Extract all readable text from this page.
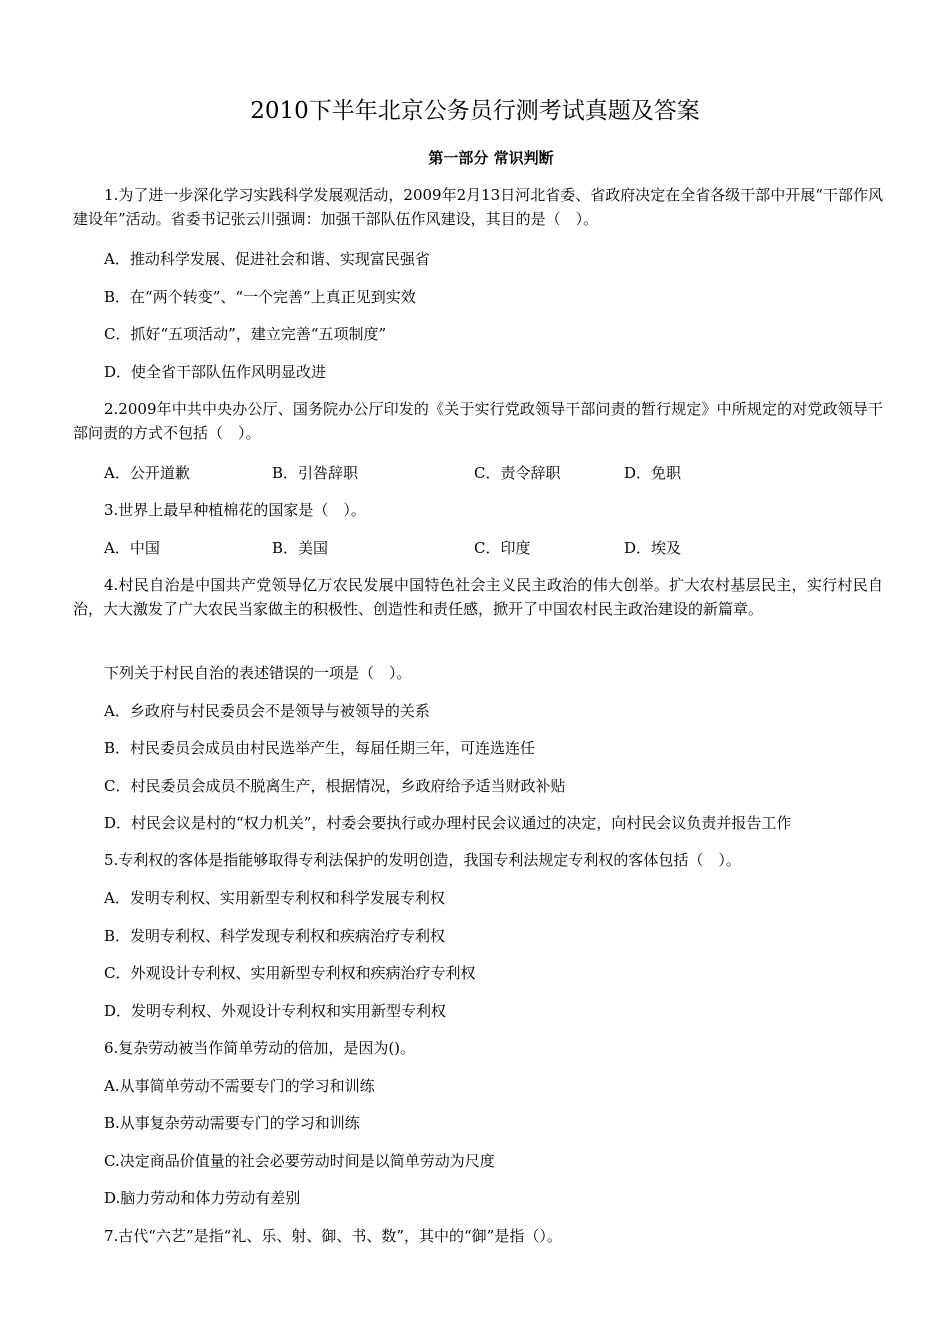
2010下半年北京公务员行测考试真题及答案
第一部分 常识判断
1.为了进一步深化学习实践科学发展观活动，2009年2月13日河北省委、省政府决定在全省各级干部中开展“干部作风建设年”活动。省委书记张云川强调：加强干部队伍作风建设，其目的是（　）。
A．推动科学发展、促进社会和谐、实现富民强省
B．在“两个转变”、“一个完善”上真正见到实效
C．抓好“五项活动”，建立完善“五项制度”
D．使全省干部队伍作风明显改进
2.2009年中共中央办公厅、国务院办公厅印发的《关于实行党政领导干部问责的暂行规定》中所规定的对党政领导干部问责的方式不包括（　）。
A．公开道歉	B．引咎辞职	C．责令辞职	D．免职
3.世界上最早种植棉花的国家是（　）。
A．中国	B．美国	C．印度	D．埃及
4.村民自治是中国共产党领导亿万农民发展中国特色社会主义民主政治的伟大创举。扩大农村基层民主，实行村民自治，大大激发了广大农民当家做主的积极性、创造性和责任感，掀开了中国农村民主政治建设的新篇章。
下列关于村民自治的表述错误的一项是（　）。
A．乡政府与村民委员会不是领导与被领导的关系
B．村民委员会成员由村民选举产生，每届任期三年，可连选连任
C．村民委员会成员不脱离生产，根据情况，乡政府给予适当财政补贴
D．村民会议是村的“权力机关”，村委会要执行或办理村民会议通过的决定，向村民会议负责并报告工作
5.专利权的客体是指能够取得专利法保护的发明创造，我国专利法规定专利权的客体包括（　）。
A．发明专利权、实用新型专利权和科学发展专利权
B．发明专利权、科学发现专利权和疾病治疗专利权
C．外观设计专利权、实用新型专利权和疾病治疗专利权
D．发明专利权、外观设计专利权和实用新型专利权
6.复杂劳动被当作简单劳动的倍加，是因为()。
A.从事简单劳动不需要专门的学习和训练
B.从事复杂劳动需要专门的学习和训练
C.决定商品价值量的社会必要劳动时间是以简单劳动为尺度
D.脑力劳动和体力劳动有差别
7.古代“六艺”是指“礼、乐、射、御、书、数”，其中的“御”是指（）。
